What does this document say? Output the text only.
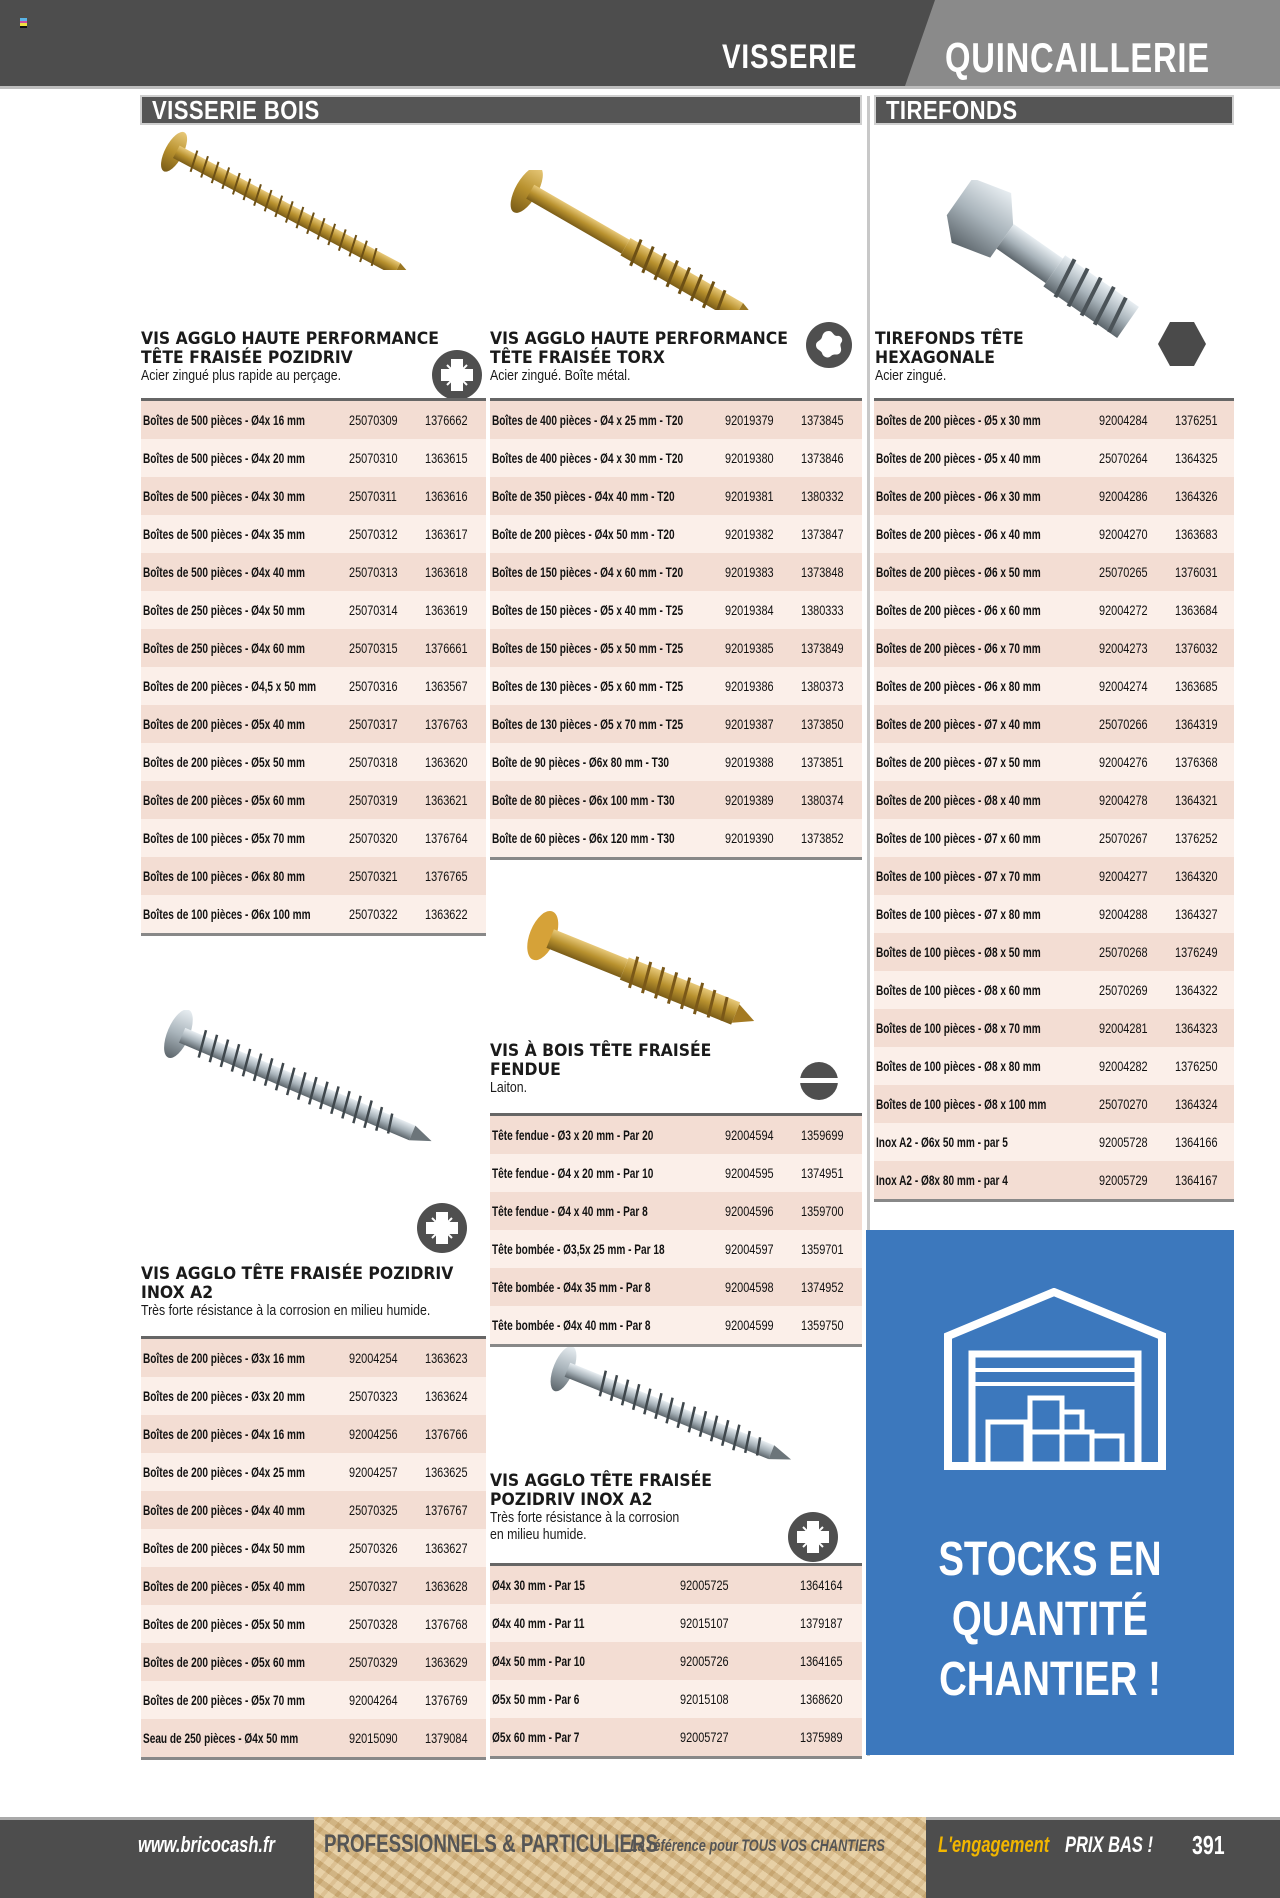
VISSERIE QUINCAILLERIE
VISSERIE BOIS	TIREFONDS
VIS AGGLO HAUTE PERFORMANCE
TÊTE FRAISÉE POZIDRIV
Acier zingué plus rapide au perçage.
Boîtes de 500 pièces - Ø4x 16 mm	25070309	1376662
Boîtes de 500 pièces - Ø4x 20 mm	25070310	1363615
Boîtes de 500 pièces - Ø4x 30 mm	25070311	1363616
Boîtes de 500 pièces - Ø4x 35 mm	25070312	1363617
Boîtes de 500 pièces - Ø4x 40 mm	25070313	1363618
Boîtes de 250 pièces - Ø4x 50 mm	25070314	1363619
Boîtes de 250 pièces - Ø4x 60 mm	25070315	1376661
Boîtes de 200 pièces - Ø4,5 x 50 mm	25070316	1363567
Boîtes de 200 pièces - Ø5x 40 mm	25070317	1376763
Boîtes de 200 pièces - Ø5x 50 mm	25070318	1363620
Boîtes de 200 pièces - Ø5x 60 mm	25070319	1363621
Boîtes de 100 pièces - Ø5x 70 mm	25070320	1376764
Boîtes de 100 pièces - Ø6x 80 mm	25070321	1376765
Boîtes de 100 pièces - Ø6x 100 mm	25070322	1363622
VIS AGGLO HAUTE PERFORMANCE
TÊTE FRAISÉE TORX
Acier zingué. Boîte métal.
Boîtes de 400 pièces - Ø4 x 25 mm - T20	92019379	1373845
Boîtes de 400 pièces - Ø4 x 30 mm - T20	92019380	1373846
Boîte de 350 pièces - Ø4x 40 mm - T20	92019381	1380332
Boîte de 200 pièces - Ø4x 50 mm - T20	92019382	1373847
Boîtes de 150 pièces - Ø4 x 60 mm - T20	92019383	1373848
Boîtes de 150 pièces - Ø5 x 40 mm - T25	92019384	1380333
Boîtes de 150 pièces - Ø5 x 50 mm - T25	92019385	1373849
Boîtes de 130 pièces - Ø5 x 60 mm - T25	92019386	1380373
Boîtes de 130 pièces - Ø5 x 70 mm - T25	92019387	1373850
Boîte de 90 pièces - Ø6x 80 mm - T30	92019388	1373851
Boîte de 80 pièces - Ø6x 100 mm - T30	92019389	1380374
Boîte de 60 pièces - Ø6x 120 mm - T30	92019390	1373852
TIREFONDS TÊTE
HEXAGONALE
Acier zingué.
Boîtes de 200 pièces - Ø5 x 30 mm	92004284	1376251
Boîtes de 200 pièces - Ø5 x 40 mm	25070264	1364325
Boîtes de 200 pièces - Ø6 x 30 mm	92004286	1364326
Boîtes de 200 pièces - Ø6 x 40 mm	92004270	1363683
Boîtes de 200 pièces - Ø6 x 50 mm	25070265	1376031
Boîtes de 200 pièces - Ø6 x 60 mm	92004272	1363684
Boîtes de 200 pièces - Ø6 x 70 mm	92004273	1376032
Boîtes de 200 pièces - Ø6 x 80 mm	92004274	1363685
Boîtes de 200 pièces - Ø7 x 40 mm	25070266	1364319
Boîtes de 200 pièces - Ø7 x 50 mm	92004276	1376368
Boîtes de 200 pièces - Ø8 x 40 mm	92004278	1364321
Boîtes de 100 pièces - Ø7 x 60 mm	25070267	1376252
Boîtes de 100 pièces - Ø7 x 70 mm	92004277	1364320
Boîtes de 100 pièces - Ø7 x 80 mm	92004288	1364327
Boîtes de 100 pièces - Ø8 x 50 mm	25070268	1376249
Boîtes de 100 pièces - Ø8 x 60 mm	25070269	1364322
Boîtes de 100 pièces - Ø8 x 70 mm	92004281	1364323
Boîtes de 100 pièces - Ø8 x 80 mm	92004282	1376250
Boîtes de 100 pièces - Ø8 x 100 mm	25070270	1364324
Inox A2 - Ø6x 50 mm - par 5	92005728	1364166
Inox A2 - Ø8x 80 mm - par 4	92005729	1364167
VIS À BOIS TÊTE FRAISÉE
FENDUE
Laiton.
Tête fendue - Ø3 x 20 mm - Par 20	92004594	1359699
Tête fendue - Ø4 x 20 mm - Par 10	92004595	1374951
Tête fendue - Ø4 x 40 mm - Par 8	92004596	1359700
Tête bombée - Ø3,5x 25 mm - Par 18	92004597	1359701
Tête bombée - Ø4x 35 mm - Par 8	92004598	1374952
Tête bombée - Ø4x 40 mm - Par 8	92004599	1359750
VIS AGGLO TÊTE FRAISÉE POZIDRIV
INOX A2
Très forte résistance à la corrosion en milieu humide.
Boîtes de 200 pièces - Ø3x 16 mm	92004254	1363623
Boîtes de 200 pièces - Ø3x 20 mm	25070323	1363624
Boîtes de 200 pièces - Ø4x 16 mm	92004256	1376766
Boîtes de 200 pièces - Ø4x 25 mm	92004257	1363625
Boîtes de 200 pièces - Ø4x 40 mm	25070325	1376767
Boîtes de 200 pièces - Ø4x 50 mm	25070326	1363627
Boîtes de 200 pièces - Ø5x 40 mm	25070327	1363628
Boîtes de 200 pièces - Ø5x 50 mm	25070328	1376768
Boîtes de 200 pièces - Ø5x 60 mm	25070329	1363629
Boîtes de 200 pièces - Ø5x 70 mm	92004264	1376769
Seau de 250 pièces - Ø4x 50 mm	92015090	1379084
VIS AGGLO TÊTE FRAISÉE
POZIDRIV INOX A2
Très forte résistance à la corrosion
en milieu humide.
Ø4x 30 mm - Par 15	92005725	1364164
Ø4x 40 mm - Par 11	92015107	1379187
Ø4x 50 mm - Par 10	92005726	1364165
Ø5x 50 mm - Par 6	92015108	1368620
Ø5x 60 mm - Par 7	92005727	1375989
STOCKS EN
QUANTITÉ
CHANTIER !
www.bricocash.fr PROFESSIONNELS & PARTICULIERS
La référence pour TOUS VOS CHANTIERS L'engagement PRIX BAS !	391
